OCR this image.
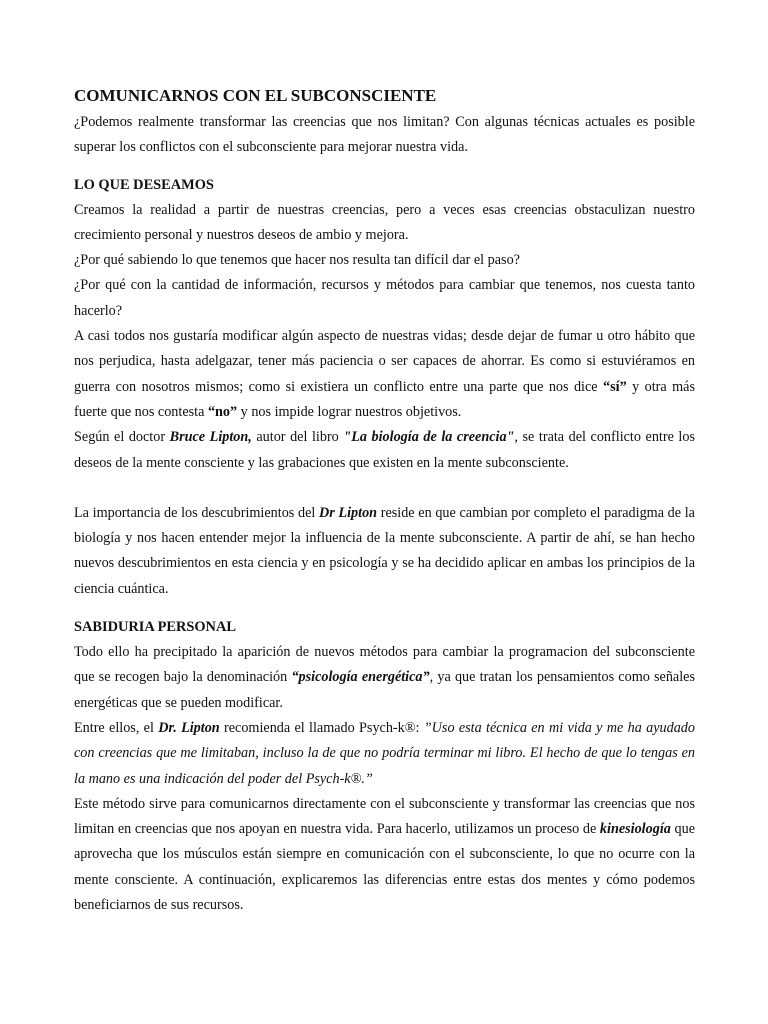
COMUNICARNOS CON EL SUBCONSCIENTE

¿Podemos realmente transformar las creencias que nos limitan? Con algunas técnicas actuales es posible superar los conflictos con el subconsciente para mejorar nuestra vida.

LO QUE DESEAMOS

Creamos la realidad a partir de nuestras creencias, pero a veces esas creencias obstaculizan nuestro crecimiento personal y nuestros deseos de ambio y mejora.

¿Por qué sabiendo lo que tenemos que hacer nos resulta tan difícil dar el paso?

¿Por qué con la cantidad de información, recursos y métodos para cambiar que tenemos, nos cuesta tanto hacerlo?

A casi todos nos gustaría modificar algún aspecto de nuestras vidas; desde dejar de fumar u otro hábito que nos perjudica, hasta adelgazar, tener más paciencia o ser capaces de ahorrar. Es como si estuviéramos en guerra con nosotros mismos; como si existiera un conflicto entre una parte que nos dice “sí” y otra más fuerte que nos contesta “no” y nos impide lograr nuestros objetivos.

Según el doctor Bruce Lipton, autor del libro "La biología de la creencia", se trata del conflicto entre los deseos de la mente consciente y las grabaciones que existen en la mente subconsciente.

La importancia de los descubrimientos del Dr Lipton reside en que cambian por completo el paradigma de la biología y nos hacen entender mejor la influencia de la mente subconsciente. A partir de ahí, se han hecho nuevos descubrimientos en esta ciencia y en psicología y se ha decidido aplicar en ambas los principios de la ciencia cuántica.

SABIDURIA PERSONAL

Todo ello ha precipitado la aparición de nuevos métodos para cambiar la programacion del subconsciente que se recogen bajo la denominación “psicología energética”, ya que tratan los pensamientos como señales energéticas que se pueden modificar.

Entre ellos, el Dr. Lipton recomienda el llamado Psych-k®: ”Uso esta técnica en mi vida y me ha ayudado con creencias que me limitaban, incluso la de que no podría terminar mi libro. El hecho de que lo tengas en la mano es una indicación del poder del Psych-k®.”

Este método sirve para comunicarnos directamente con el subconsciente y transformar las creencias que nos limitan en creencias que nos apoyan en nuestra vida. Para hacerlo, utilizamos un proceso de kinesiología que aprovecha que los músculos están siempre en comunicación con el subconsciente, lo que no ocurre con la mente consciente. A continuación, explicaremos las diferencias entre estas dos mentes y cómo podemos beneficiarnos de sus recursos.
